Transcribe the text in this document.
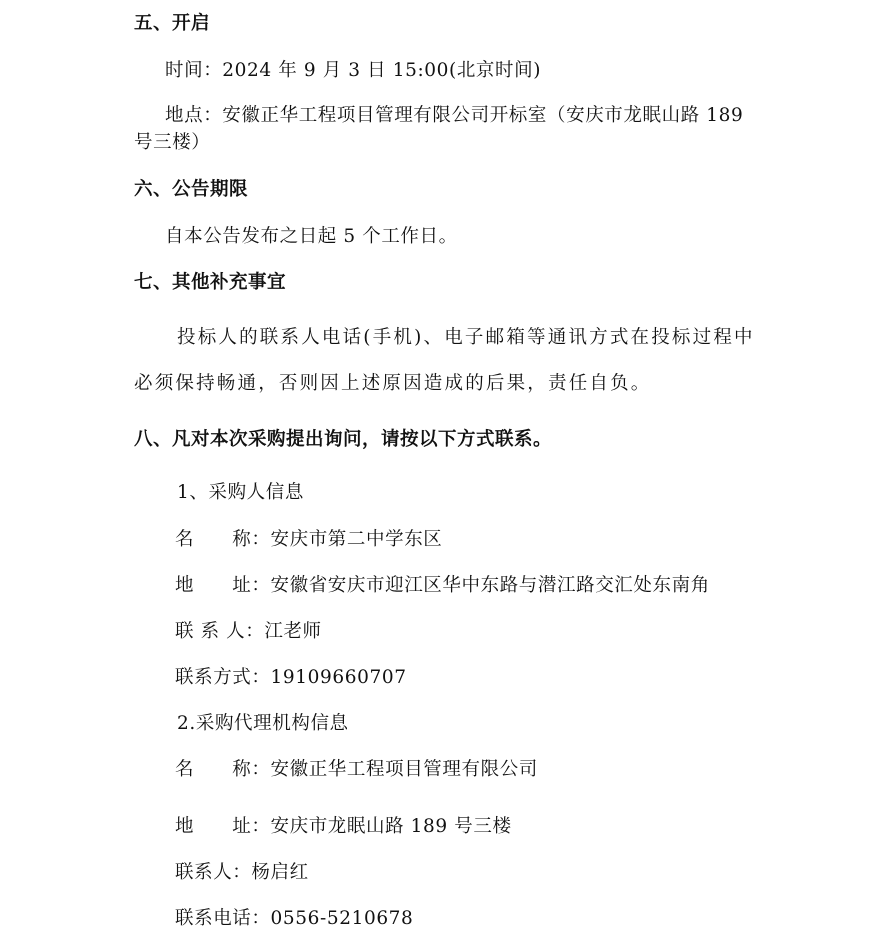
五、开启
时间：2024 年 9 月 3 日 15:00(北京时间)
地点：安徽正华工程项目管理有限公司开标室（安庆市龙眠山路 189
号三楼）
六、公告期限
自本公告发布之日起 5 个工作日。
七、其他补充事宜
投标人的联系人电话(手机)、电子邮箱等通讯方式在投标过程中
必须保持畅通，否则因上述原因造成的后果，责任自负。
八、凡对本次采购提出询问，请按以下方式联系。
1、采购人信息
名　　称：安庆市第二中学东区
地　　址：安徽省安庆市迎江区华中东路与潜江路交汇处东南角
联 系 人：江老师
联系方式：19109660707
2.采购代理机构信息
名　　称：安徽正华工程项目管理有限公司
地　　址：安庆市龙眠山路 189 号三楼
联系人：杨启红
联系电话：0556-5210678
